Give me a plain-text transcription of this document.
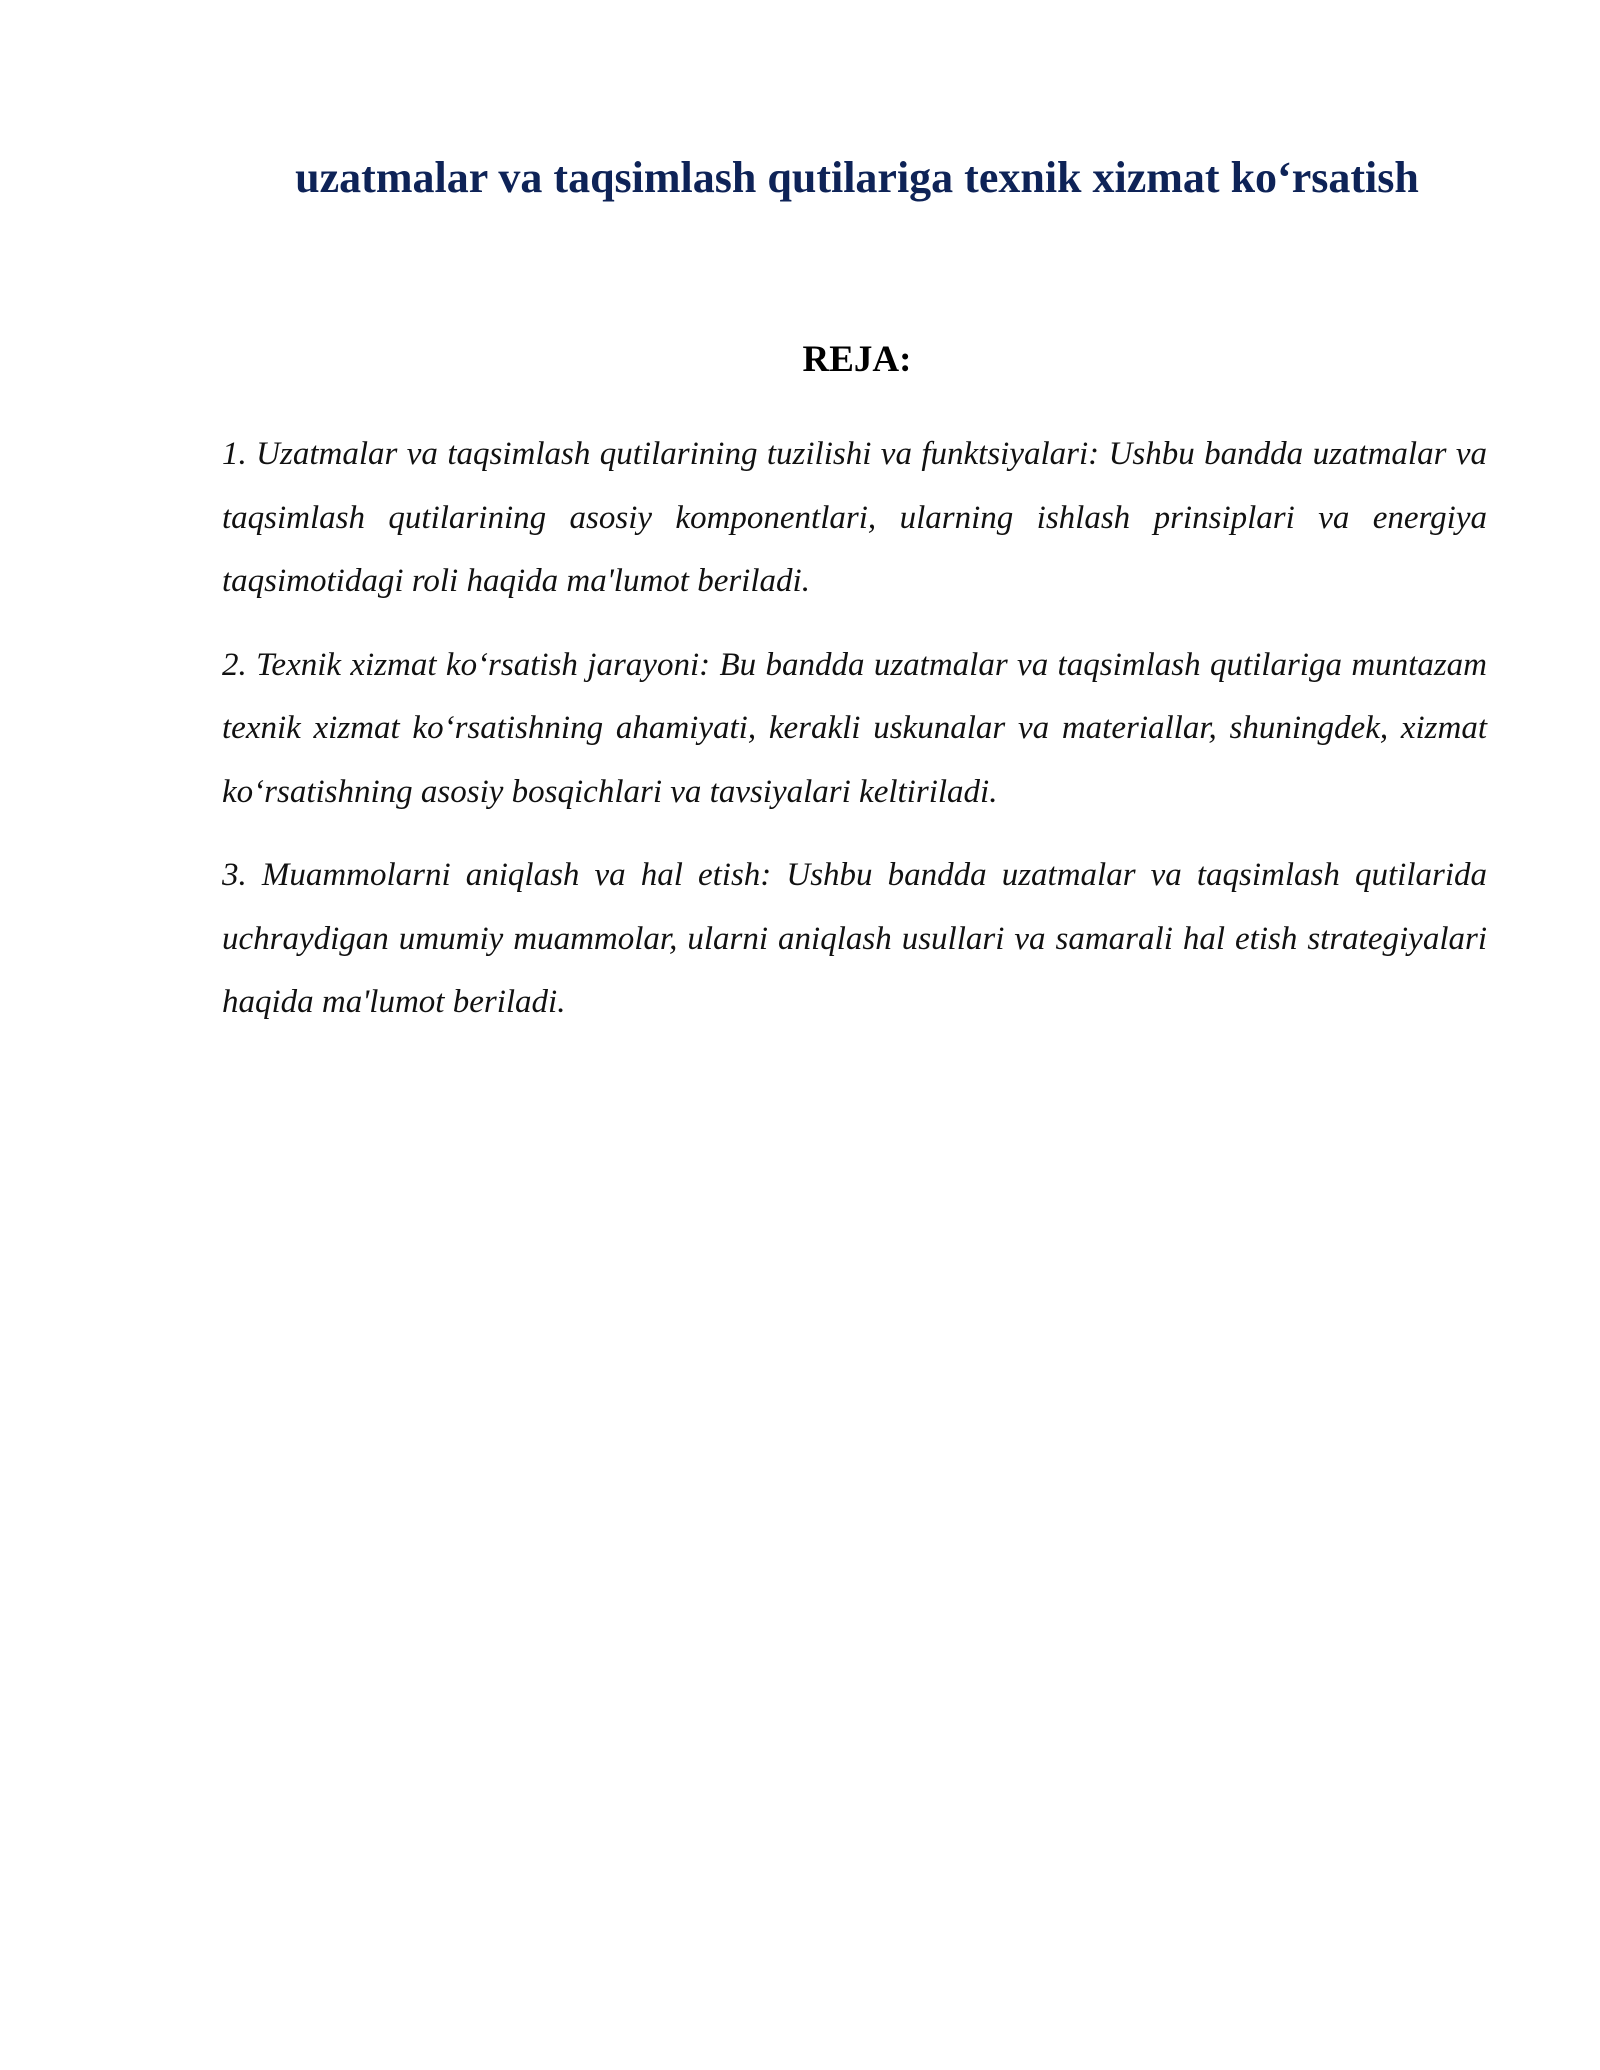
uzatmalar va taqsimlash qutilariga texnik xizmat ko‘rsatish
REJA:
1. Uzatmalar va taqsimlash qutilarining tuzilishi va funktsiyalari: Ushbu bandda uzatmalar va taqsimlash qutilarining asosiy komponentlari, ularning ishlash prinsiplari va energiya taqsimotidagi roli haqida ma'lumot beriladi.
2. Texnik xizmat ko‘rsatish jarayoni: Bu bandda uzatmalar va taqsimlash qutilariga muntazam texnik xizmat ko‘rsatishning ahamiyati, kerakli uskunalar va materiallar, shuningdek, xizmat ko‘rsatishning asosiy bosqichlari va tavsiyalari keltiriladi.
3. Muammolarni aniqlash va hal etish: Ushbu bandda uzatmalar va taqsimlash qutilarida uchraydigan umumiy muammolar, ularni aniqlash usullari va samarali hal etish strategiyalari haqida ma'lumot beriladi.
